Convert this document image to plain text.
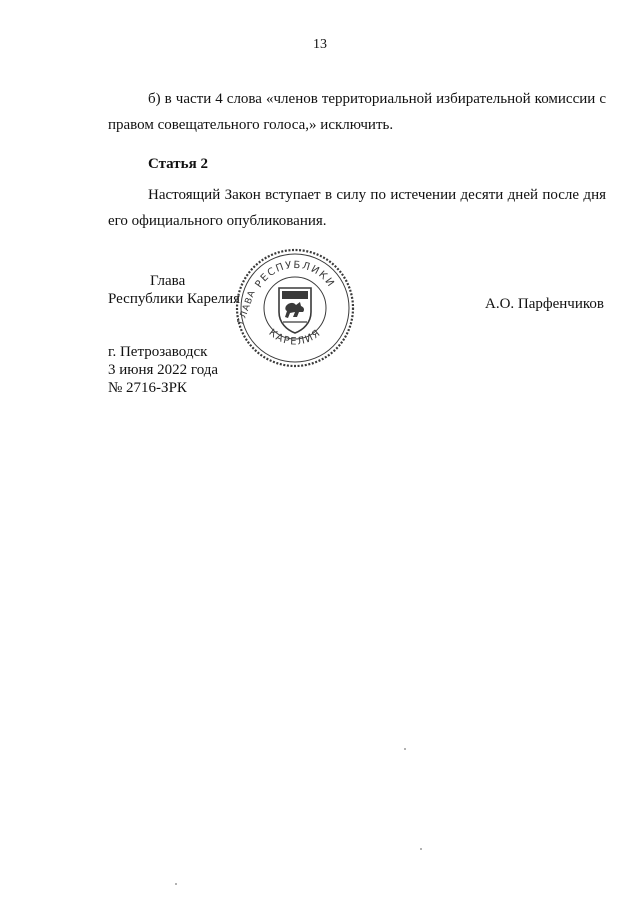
13

б) в части 4 слова «членов территориальной избирательной комиссии с правом совещательного голоса,» исключить.

Статья 2

Настоящий Закон вступает в силу по истечении десяти дней после дня его официального опубликования.

Глава
Республики Карелия
РЕСПУБЛИКИ
КАРЕЛИЯ
ГЛАВА	А.О. Парфенчиков
г. Петрозаводск
3 июня 2022 года
№ 2716-ЗРК
